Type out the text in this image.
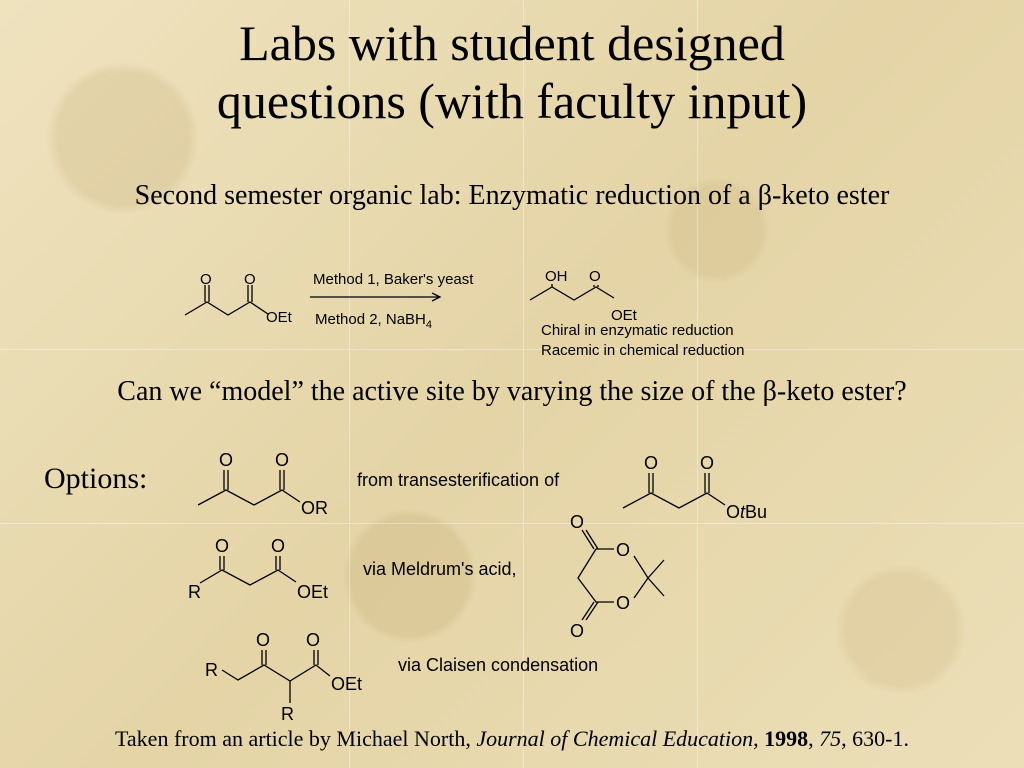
Labs with student designed
questions (with faculty input)
Second semester organic lab: Enzymatic reduction of a β-keto ester
Can we “model” the active site by varying the size of the β-keto ester?
Options:
O O
OEt
Method 1, Baker's yeast
Method 2, NaBH$_4$
OH O
OEt
Chiral in enzymatic reduction
Racemic in chemical reduction
O O
OR
from transesterification of
O O
OtBu
O O
R	OEt
via Meldrum's acid,
O
O
O
O
O O
R
OEt
R
via Claisen condensation
Taken from an article by Michael North, Journal of Chemical Education, 1998, 75, 630-1.
